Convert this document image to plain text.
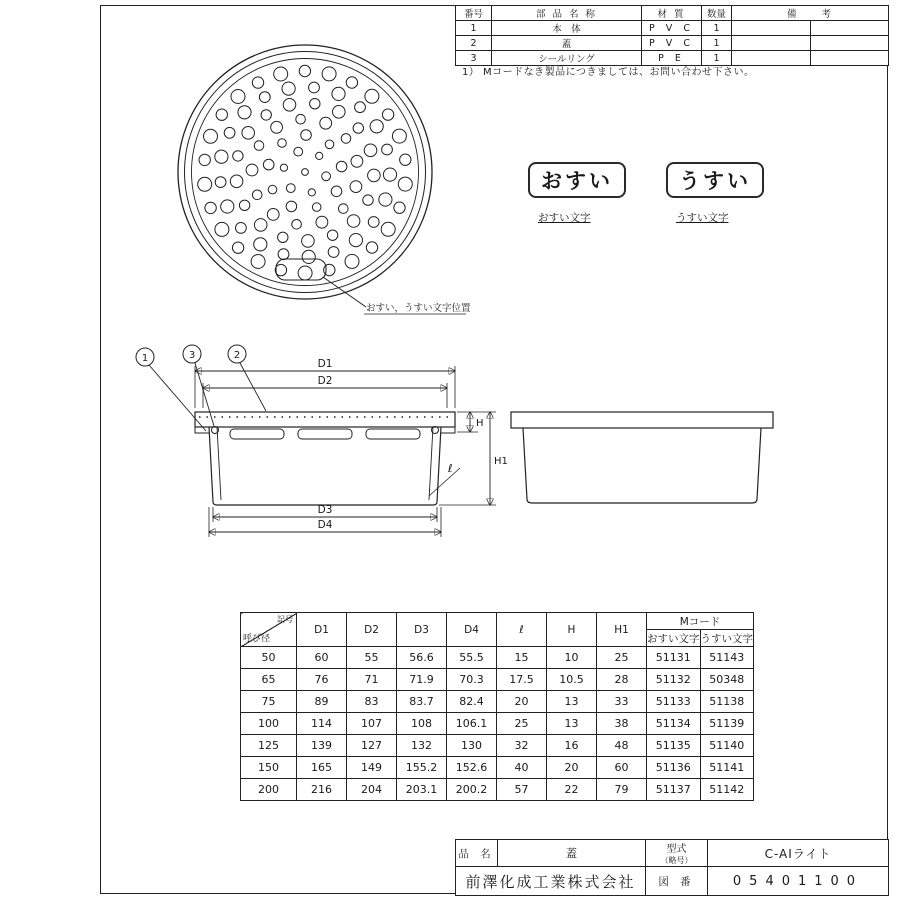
おすい，うすい文字位置
番号	部 品 名 称	材 質	数量	備　　考	
1	本　体	P V C	1		
2	蓋	P V C	1		
3	シールリング	P E	1		
1） Mコードなき製品につきましては、お問い合わせ下さい。
おすい	うすい
おすい文字	うすい文字
D1
D2
D3
D4
H
H1
ℓ
1	3	2
記号
呼び径	D1	D2	D3	D4	ℓ	H	H1	Mコード	
								おすい文字	うすい文字
50	60	55	56.6	55.5	15	10	25	51131	51143
65	76	71	71.9	70.3	17.5	10.5	28	51132	50348
75	89	83	83.7	82.4	20	13	33	51133	51138
100	114	107	108	106.1	25	13	38	51134	51139
125	139	127	132	130	32	16	48	51135	51140
150	165	149	155.2	152.6	40	20	60	51136	51141
200	216	204	203.1	200.2	57	22	79	51137	51142
品 名	蓋	型式
（略号）	C-AIライト
前澤化成工業株式会社		図 番	05401100
